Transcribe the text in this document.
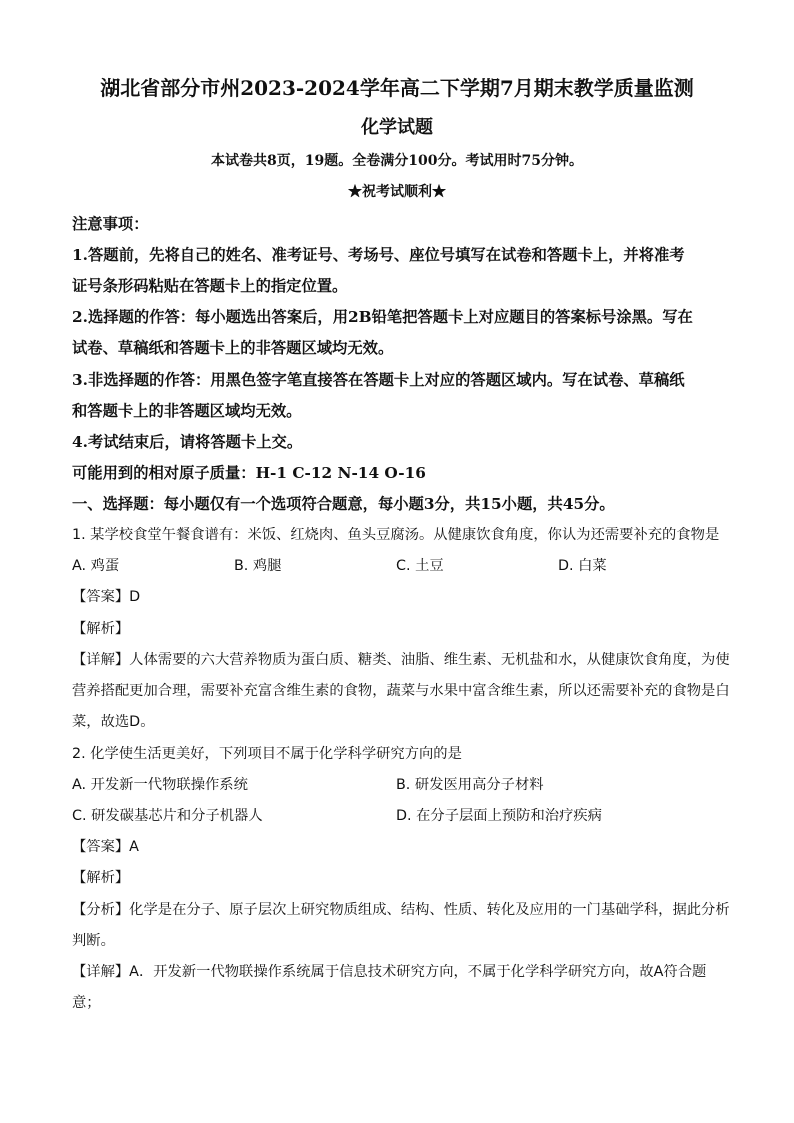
湖北省部分市州2023-2024学年高二下学期7月期末教学质量监测
化学试题
本试卷共8页，19题。全卷满分100分。考试用时75分钟。
★祝考试顺利★
注意事项：
1.答题前，先将自己的姓名、准考证号、考场号、座位号填写在试卷和答题卡上，并将准考
证号条形码粘贴在答题卡上的指定位置。
2.选择题的作答：每小题选出答案后，用2B铅笔把答题卡上对应题目的答案标号涂黑。写在
试卷、草稿纸和答题卡上的非答题区域均无效。
3.非选择题的作答：用黑色签字笔直接答在答题卡上对应的答题区域内。写在试卷、草稿纸
和答题卡上的非答题区域均无效。
4.考试结束后，请将答题卡上交。
可能用到的相对原子质量：H-1 C-12 N-14 O-16
一、选择题：每小题仅有一个选项符合题意，每小题3分，共15小题，共45分。
1. 某学校食堂午餐食谱有：米饭、红烧肉、鱼头豆腐汤。从健康饮食角度，你认为还需要补充的食物是
A. 鸡蛋	B. 鸡腿	C. 土豆	D. 白菜
【答案】D
【解析】
【详解】人体需要的六大营养物质为蛋白质、糖类、油脂、维生素、无机盐和水，从健康饮食角度，为使
营养搭配更加合理，需要补充富含维生素的食物，蔬菜与水果中富含维生素，所以还需要补充的食物是白
菜，故选D。
2. 化学使生活更美好，下列项目不属于化学科学研究方向的是
A. 开发新一代物联操作系统	B. 研发医用高分子材料
C. 研发碳基芯片和分子机器人	D. 在分子层面上预防和治疗疾病
【答案】A
【解析】
【分析】化学是在分子、原子层次上研究物质组成、结构、性质、转化及应用的一门基础学科，据此分析
判断。
【详解】A．开发新一代物联操作系统属于信息技术研究方向，不属于化学科学研究方向，故A符合题
意；
